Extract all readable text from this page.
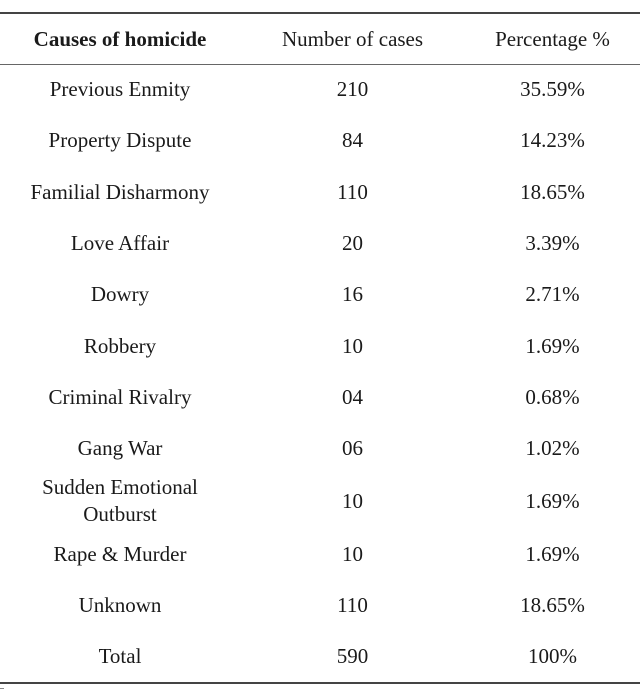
Causes of homicide	Number of cases	Percentage %
Previous Enmity	210	35.59%
Property Dispute	84	14.23%
Familial Disharmony	110	18.65%
Love Affair	20	3.39%
Dowry	16	2.71%
Robbery	10	1.69%
Criminal Rivalry	04	0.68%
Gang War	06	1.02%
Sudden Emotional Outburst	10	1.69%
Rape & Murder	10	1.69%
Unknown	110	18.65%
Total	590	100%
